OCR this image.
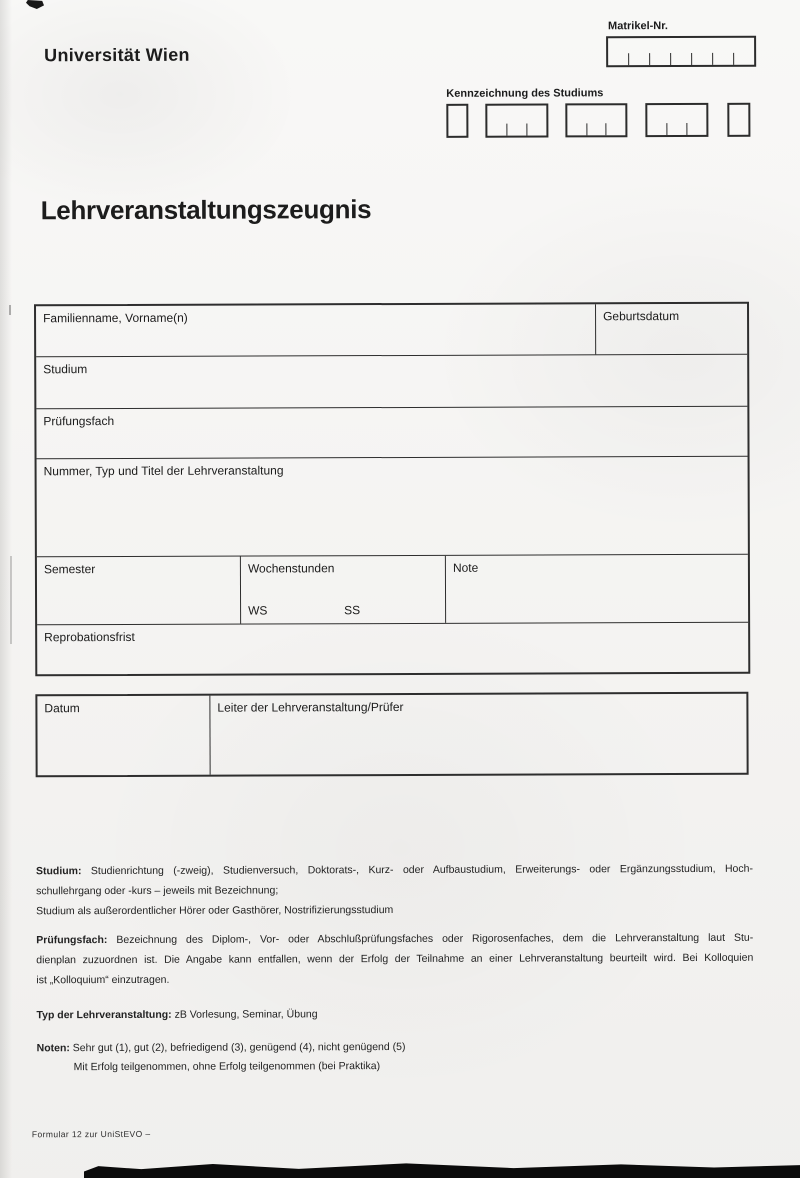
Universität Wien
Matrikel-Nr.
Kennzeichnung des Studiums
Lehrveranstaltungszeugnis
Familienname, Vorname(n)	Geburtsdatum
Studium
Prüfungsfach
Nummer, Typ und Titel der Lehrveranstaltung
Semester	Wochenstunden
WS	SS
Note
Reprobationsfrist
Datum	Leiter der Lehrveranstaltung/Prüfer
Studium: Studienrichtung (-zweig), Studienversuch, Doktorats-, Kurz- oder Aufbaustudium, Erweiterungs- oder Ergänzungsstudium, Hoch-
schullehrgang oder -kurs – jeweils mit Bezeichnung;
Studium als außerordentlicher Hörer oder Gasthörer, Nostrifizierungsstudium
Prüfungsfach: Bezeichnung des Diplom-, Vor- oder Abschlußprüfungsfaches oder Rigorosenfaches, dem die Lehrveranstaltung laut Stu-
dienplan zuzuordnen ist. Die Angabe kann entfallen, wenn der Erfolg der Teilnahme an einer Lehrveranstaltung beurteilt wird. Bei Kolloquien
ist „Kolloquium“ einzutragen.
Typ der Lehrveranstaltung: zB Vorlesung, Seminar, Übung
Noten: Sehr gut (1), gut (2), befriedigend (3), genügend (4), nicht genügend (5)
Mit Erfolg teilgenommen, ohne Erfolg teilgenommen (bei Praktika)
Formular 12 zur UniStEVO –
